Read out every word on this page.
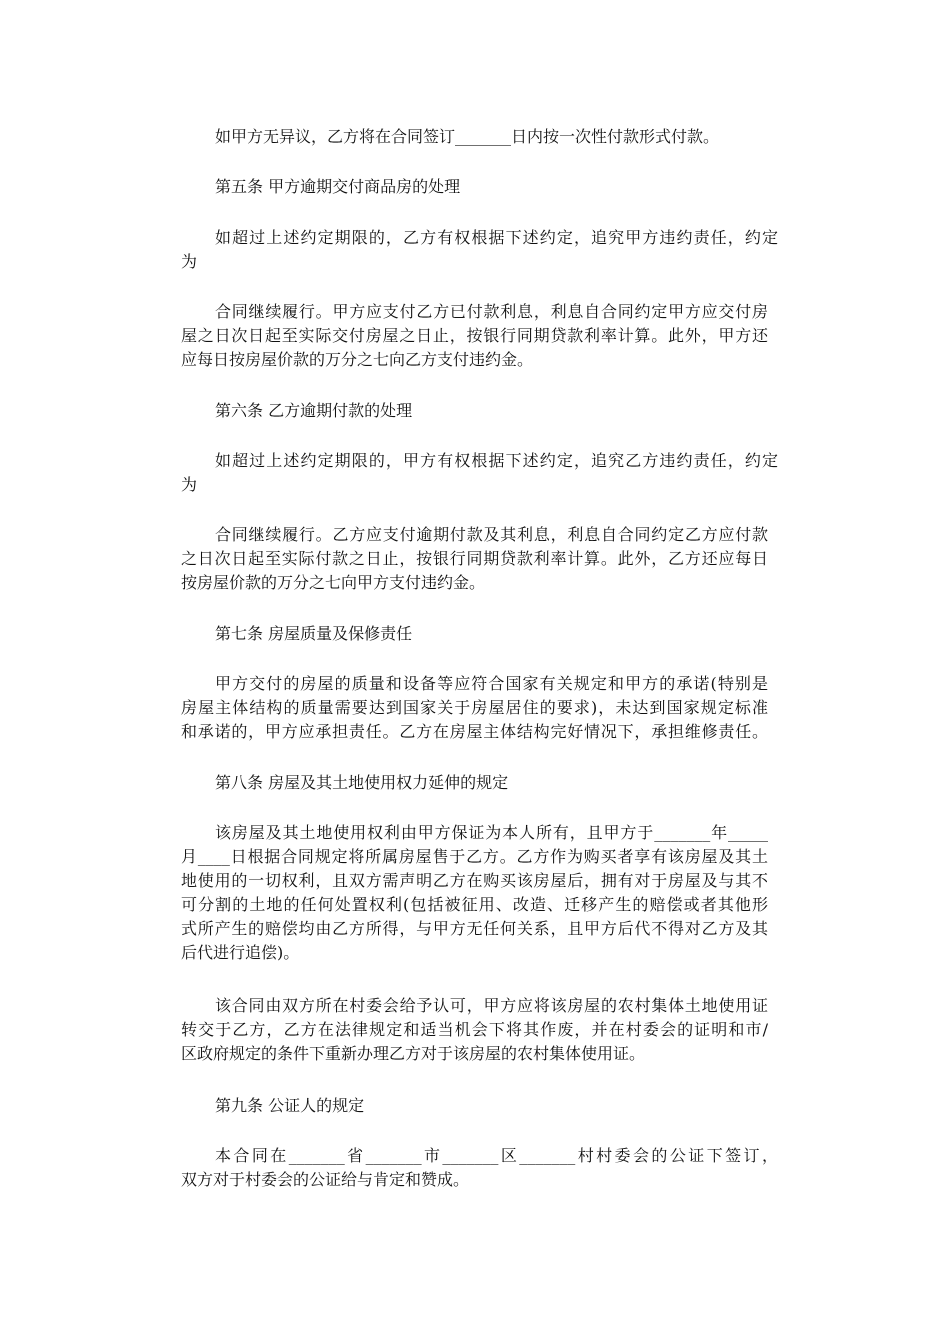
如甲方无异议，乙方将在合同签订_______日内按一次性付款形式付款。
第五条 甲方逾期交付商品房的处理
如超过上述约定期限的，乙方有权根据下述约定，追究甲方违约责任，约定
为
合同继续履行。甲方应支付乙方已付款利息，利息自合同约定甲方应交付房
屋之日次日起至实际交付房屋之日止，按银行同期贷款利率计算。此外，甲方还
应每日按房屋价款的万分之七向乙方支付违约金。
第六条 乙方逾期付款的处理
如超过上述约定期限的，甲方有权根据下述约定，追究乙方违约责任，约定
为
合同继续履行。乙方应支付逾期付款及其利息，利息自合同约定乙方应付款
之日次日起至实际付款之日止，按银行同期贷款利率计算。此外，乙方还应每日
按房屋价款的万分之七向甲方支付违约金。
第七条 房屋质量及保修责任
甲方交付的房屋的质量和设备等应符合国家有关规定和甲方的承诺(特别是
房屋主体结构的质量需要达到国家关于房屋居住的要求)，未达到国家规定标准
和承诺的，甲方应承担责任。乙方在房屋主体结构完好情况下，承担维修责任。
第八条 房屋及其土地使用权力延伸的规定
该房屋及其土地使用权利由甲方保证为本人所有，且甲方于_______年_____
月____日根据合同规定将所属房屋售于乙方。乙方作为购买者享有该房屋及其土
地使用的一切权利，且双方需声明乙方在购买该房屋后，拥有对于房屋及与其不
可分割的土地的任何处置权利(包括被征用、改造、迁移产生的赔偿或者其他形
式所产生的赔偿均由乙方所得，与甲方无任何关系，且甲方后代不得对乙方及其
后代进行追偿)。
该合同由双方所在村委会给予认可，甲方应将该房屋的农村集体土地使用证
转交于乙方，乙方在法律规定和适当机会下将其作废，并在村委会的证明和市/
区政府规定的条件下重新办理乙方对于该房屋的农村集体使用证。
第九条 公证人的规定
本合同在_______省_______市_______区_______村村委会的公证下签订，
双方对于村委会的公证给与肯定和赞成。
